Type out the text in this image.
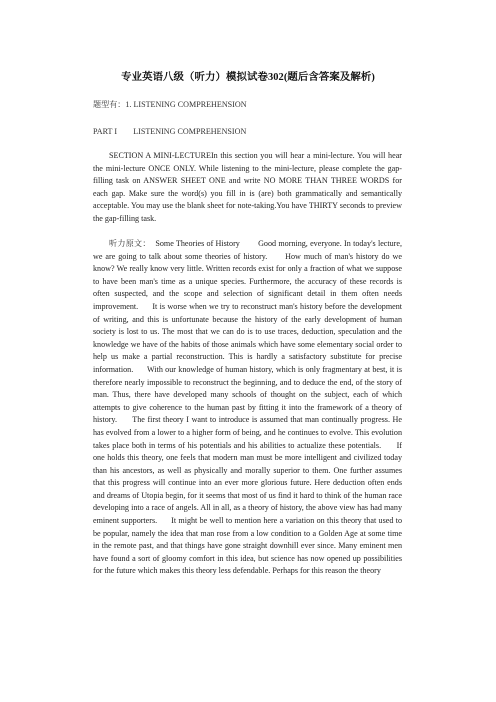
专业英语八级（听力）模拟试卷302(题后含答案及解析)
题型有：1. LISTENING COMPREHENSION
PART I        LISTENING COMPREHENSION
SECTION A MINI-LECTUREIn this section you will hear a mini-lecture. You will hear the mini-lecture ONCE ONLY. While listening to the mini-lecture, please complete the gap-filling task on ANSWER SHEET ONE and write NO MORE THAN THREE WORDS for each gap. Make sure the word(s) you fill in is (are) both grammatically and semantically acceptable. You may use the blank sheet for note-taking.You have THIRTY seconds to preview the gap-filling task.
听力原文：  Some Theories of History        Good morning, everyone. In today's lecture, we are going to talk about some theories of history.      How much of man's history do we know? We really know very little. Written records exist for only a fraction of what we suppose to have been man's time as a unique species. Furthermore, the accuracy of these records is often suspected, and the scope and selection of significant detail in them often needs improvement.      It is worse when we try to reconstruct man's history before the development of writing, and this is unfortunate because the history of the early development of human society is lost to us. The most that we can do is to use traces, deduction, speculation and the knowledge we have of the habits of those animals which have some elementary social order to help us make a partial reconstruction. This is hardly a satisfactory substitute for precise information.      With our knowledge of human history, which is only fragmentary at best, it is therefore nearly impossible to reconstruct the beginning, and to deduce the end, of the story of man. Thus, there have developed many schools of thought on the subject, each of which attempts to give coherence to the human past by fitting it into the framework of a theory of history.      The first theory I want to introduce is assumed that man continually progress. He has evolved from a lower to a higher form of being, and he continues to evolve. This evolution takes place both in terms of his potentials and his abilities to actualize these potentials.      If one holds this theory, one feels that modern man must be more intelligent and civilized today than his ancestors, as well as physically and morally superior to them. One further assumes that this progress will continue into an ever more glorious future. Here deduction often ends and dreams of Utopia begin, for it seems that most of us find it hard to think of the human race developing into a race of angels. All in all, as a theory of history, the above view has had many eminent supporters.      It might be well to mention here a variation on this theory that used to be popular, namely the idea that man rose from a low condition to a Golden Age at some time in the remote past, and that things have gone straight downhill ever since. Many eminent men have found a sort of gloomy comfort in this idea, but science has now opened up possibilities for the future which makes this theory less defendable. Perhaps for this reason the theory
